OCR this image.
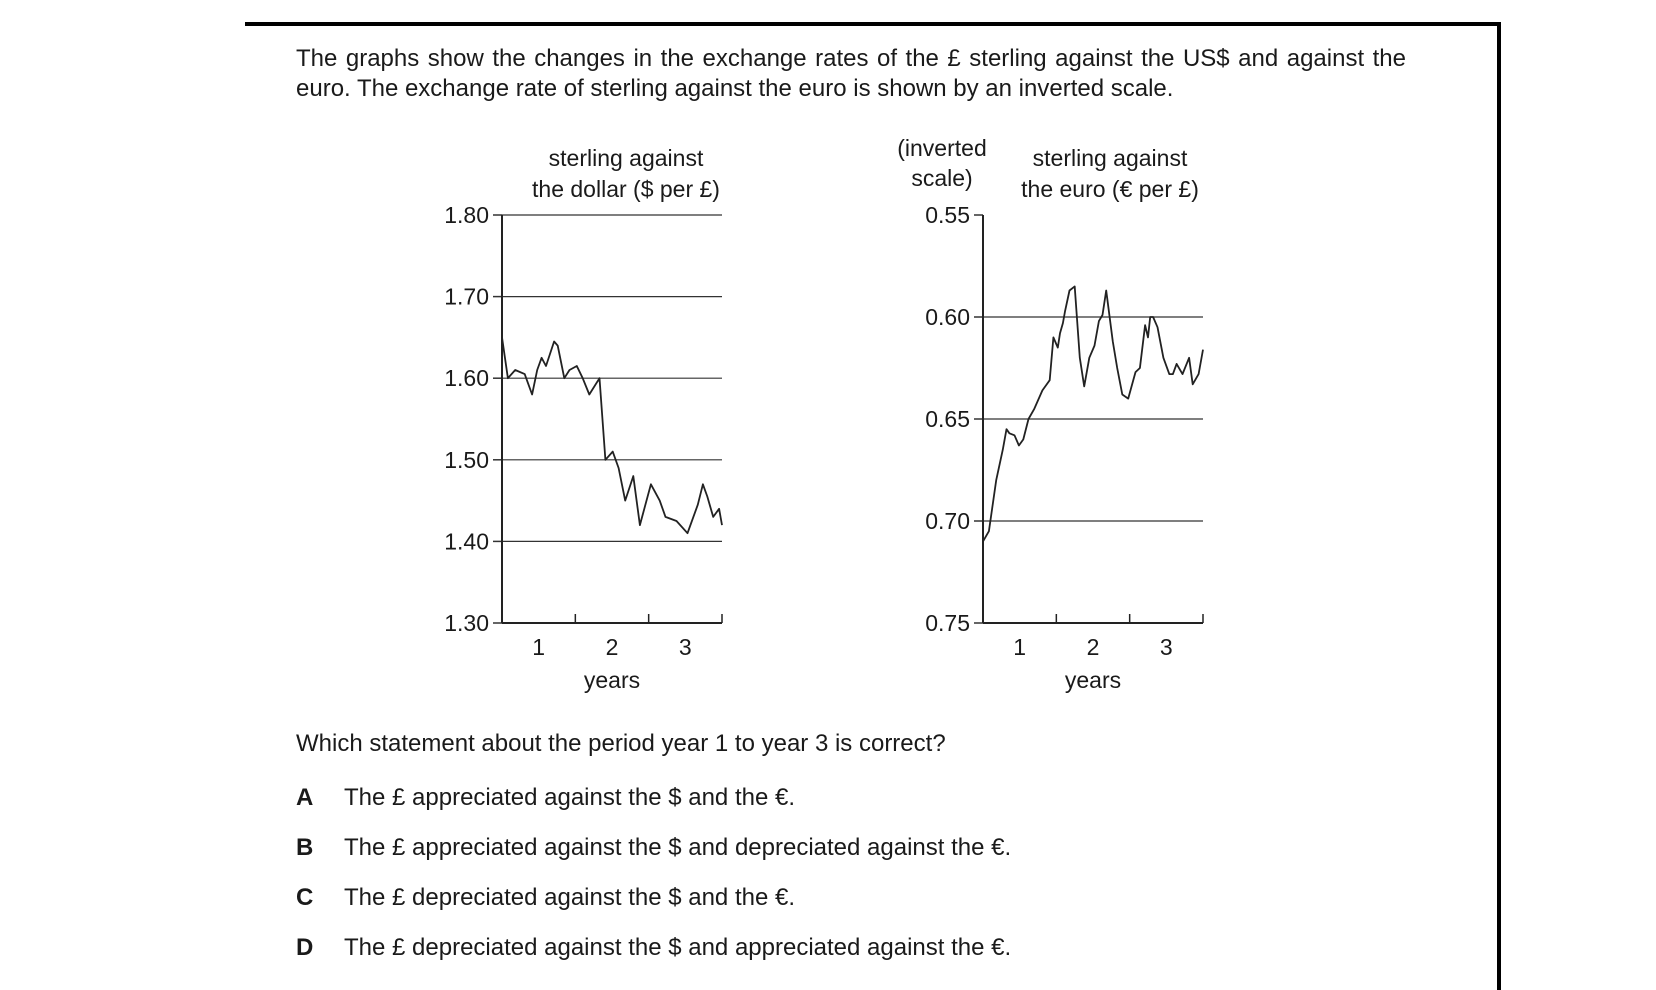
The graphs show the changes in the exchange rates of the £ sterling against the US$ and against the euro. The exchange rate of sterling against the euro is shown by an inverted scale.

1.30
1.40
1.50
1.60
1.70
1.80
1	2	3
years
sterling against
the dollar ($ per £)
0.55
0.60
0.65
0.70
0.75
1	2	3
years
sterling against
the euro (€ per £)
(inverted
scale)

Which statement about the period year 1 to year 3 is correct?

A The £ appreciated against the $ and the €.
B The £ appreciated against the $ and depreciated against the €.
C The £ depreciated against the $ and the €.
D The £ depreciated against the $ and appreciated against the €.
